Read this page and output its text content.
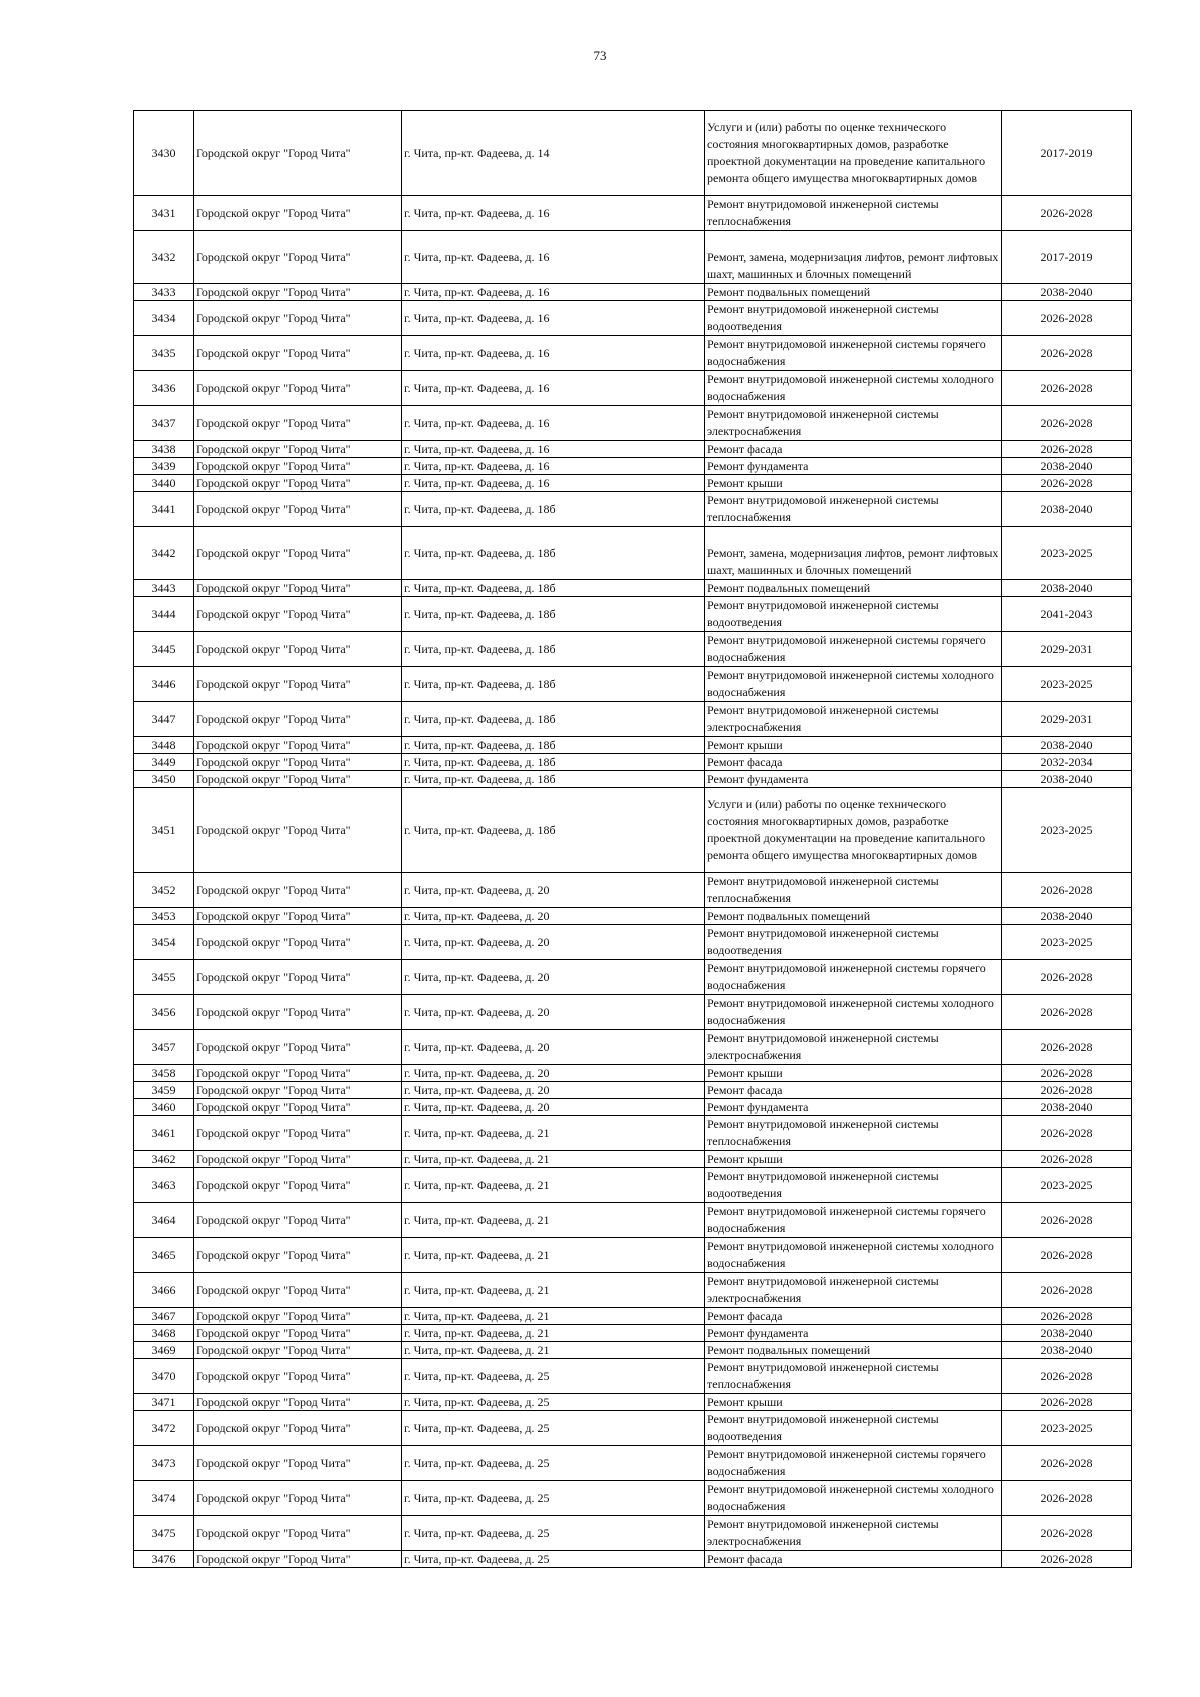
73
3430	Городской округ "Город Чита"	г. Чита, пр-кт. Фадеева, д. 14	Услуги и (или) работы по оценке технического состояния многоквартирных домов, разработке проектной документации на проведение капитального ремонта общего имущества многоквартирных домов	2017-2019
3431	Городской округ "Город Чита"	г. Чита, пр-кт. Фадеева, д. 16	Ремонт внутридомовой инженерной системы теплоснабжения	2026-2028
3432	Городской округ "Город Чита"	г. Чита, пр-кт. Фадеева, д. 16	Ремонт, замена, модернизация лифтов, ремонт лифтовых шахт, машинных и блочных помещений	2017-2019
3433	Городской округ "Город Чита"	г. Чита, пр-кт. Фадеева, д. 16	Ремонт подвальных помещений	2038-2040
3434	Городской округ "Город Чита"	г. Чита, пр-кт. Фадеева, д. 16	Ремонт внутридомовой инженерной системы водоотведения	2026-2028
3435	Городской округ "Город Чита"	г. Чита, пр-кт. Фадеева, д. 16	Ремонт внутридомовой инженерной системы горячего водоснабжения	2026-2028
3436	Городской округ "Город Чита"	г. Чита, пр-кт. Фадеева, д. 16	Ремонт внутридомовой инженерной системы холодного водоснабжения	2026-2028
3437	Городской округ "Город Чита"	г. Чита, пр-кт. Фадеева, д. 16	Ремонт внутридомовой инженерной системы электроснабжения	2026-2028
3438	Городской округ "Город Чита"	г. Чита, пр-кт. Фадеева, д. 16	Ремонт фасада	2026-2028
3439	Городской округ "Город Чита"	г. Чита, пр-кт. Фадеева, д. 16	Ремонт фундамента	2038-2040
3440	Городской округ "Город Чита"	г. Чита, пр-кт. Фадеева, д. 16	Ремонт крыши	2026-2028
3441	Городской округ "Город Чита"	г. Чита, пр-кт. Фадеева, д. 18б	Ремонт внутридомовой инженерной системы теплоснабжения	2038-2040
3442	Городской округ "Город Чита"	г. Чита, пр-кт. Фадеева, д. 18б	Ремонт, замена, модернизация лифтов, ремонт лифтовых шахт, машинных и блочных помещений	2023-2025
3443	Городской округ "Город Чита"	г. Чита, пр-кт. Фадеева, д. 18б	Ремонт подвальных помещений	2038-2040
3444	Городской округ "Город Чита"	г. Чита, пр-кт. Фадеева, д. 18б	Ремонт внутридомовой инженерной системы водоотведения	2041-2043
3445	Городской округ "Город Чита"	г. Чита, пр-кт. Фадеева, д. 18б	Ремонт внутридомовой инженерной системы горячего водоснабжения	2029-2031
3446	Городской округ "Город Чита"	г. Чита, пр-кт. Фадеева, д. 18б	Ремонт внутридомовой инженерной системы холодного водоснабжения	2023-2025
3447	Городской округ "Город Чита"	г. Чита, пр-кт. Фадеева, д. 18б	Ремонт внутридомовой инженерной системы электроснабжения	2029-2031
3448	Городской округ "Город Чита"	г. Чита, пр-кт. Фадеева, д. 18б	Ремонт крыши	2038-2040
3449	Городской округ "Город Чита"	г. Чита, пр-кт. Фадеева, д. 18б	Ремонт фасада	2032-2034
3450	Городской округ "Город Чита"	г. Чита, пр-кт. Фадеева, д. 18б	Ремонт фундамента	2038-2040
3451	Городской округ "Город Чита"	г. Чита, пр-кт. Фадеева, д. 18б	Услуги и (или) работы по оценке технического состояния многоквартирных домов, разработке проектной документации на проведение капитального ремонта общего имущества многоквартирных домов	2023-2025
3452	Городской округ "Город Чита"	г. Чита, пр-кт. Фадеева, д. 20	Ремонт внутридомовой инженерной системы теплоснабжения	2026-2028
3453	Городской округ "Город Чита"	г. Чита, пр-кт. Фадеева, д. 20	Ремонт подвальных помещений	2038-2040
3454	Городской округ "Город Чита"	г. Чита, пр-кт. Фадеева, д. 20	Ремонт внутридомовой инженерной системы водоотведения	2023-2025
3455	Городской округ "Город Чита"	г. Чита, пр-кт. Фадеева, д. 20	Ремонт внутридомовой инженерной системы горячего водоснабжения	2026-2028
3456	Городской округ "Город Чита"	г. Чита, пр-кт. Фадеева, д. 20	Ремонт внутридомовой инженерной системы холодного водоснабжения	2026-2028
3457	Городской округ "Город Чита"	г. Чита, пр-кт. Фадеева, д. 20	Ремонт внутридомовой инженерной системы электроснабжения	2026-2028
3458	Городской округ "Город Чита"	г. Чита, пр-кт. Фадеева, д. 20	Ремонт крыши	2026-2028
3459	Городской округ "Город Чита"	г. Чита, пр-кт. Фадеева, д. 20	Ремонт фасада	2026-2028
3460	Городской округ "Город Чита"	г. Чита, пр-кт. Фадеева, д. 20	Ремонт фундамента	2038-2040
3461	Городской округ "Город Чита"	г. Чита, пр-кт. Фадеева, д. 21	Ремонт внутридомовой инженерной системы теплоснабжения	2026-2028
3462	Городской округ "Город Чита"	г. Чита, пр-кт. Фадеева, д. 21	Ремонт крыши	2026-2028
3463	Городской округ "Город Чита"	г. Чита, пр-кт. Фадеева, д. 21	Ремонт внутридомовой инженерной системы водоотведения	2023-2025
3464	Городской округ "Город Чита"	г. Чита, пр-кт. Фадеева, д. 21	Ремонт внутридомовой инженерной системы горячего водоснабжения	2026-2028
3465	Городской округ "Город Чита"	г. Чита, пр-кт. Фадеева, д. 21	Ремонт внутридомовой инженерной системы холодного водоснабжения	2026-2028
3466	Городской округ "Город Чита"	г. Чита, пр-кт. Фадеева, д. 21	Ремонт внутридомовой инженерной системы электроснабжения	2026-2028
3467	Городской округ "Город Чита"	г. Чита, пр-кт. Фадеева, д. 21	Ремонт фасада	2026-2028
3468	Городской округ "Город Чита"	г. Чита, пр-кт. Фадеева, д. 21	Ремонт фундамента	2038-2040
3469	Городской округ "Город Чита"	г. Чита, пр-кт. Фадеева, д. 21	Ремонт подвальных помещений	2038-2040
3470	Городской округ "Город Чита"	г. Чита, пр-кт. Фадеева, д. 25	Ремонт внутридомовой инженерной системы теплоснабжения	2026-2028
3471	Городской округ "Город Чита"	г. Чита, пр-кт. Фадеева, д. 25	Ремонт крыши	2026-2028
3472	Городской округ "Город Чита"	г. Чита, пр-кт. Фадеева, д. 25	Ремонт внутридомовой инженерной системы водоотведения	2023-2025
3473	Городской округ "Город Чита"	г. Чита, пр-кт. Фадеева, д. 25	Ремонт внутридомовой инженерной системы горячего водоснабжения	2026-2028
3474	Городской округ "Город Чита"	г. Чита, пр-кт. Фадеева, д. 25	Ремонт внутридомовой инженерной системы холодного водоснабжения	2026-2028
3475	Городской округ "Город Чита"	г. Чита, пр-кт. Фадеева, д. 25	Ремонт внутридомовой инженерной системы электроснабжения	2026-2028
3476	Городской округ "Город Чита"	г. Чита, пр-кт. Фадеева, д. 25	Ремонт фасада	2026-2028
